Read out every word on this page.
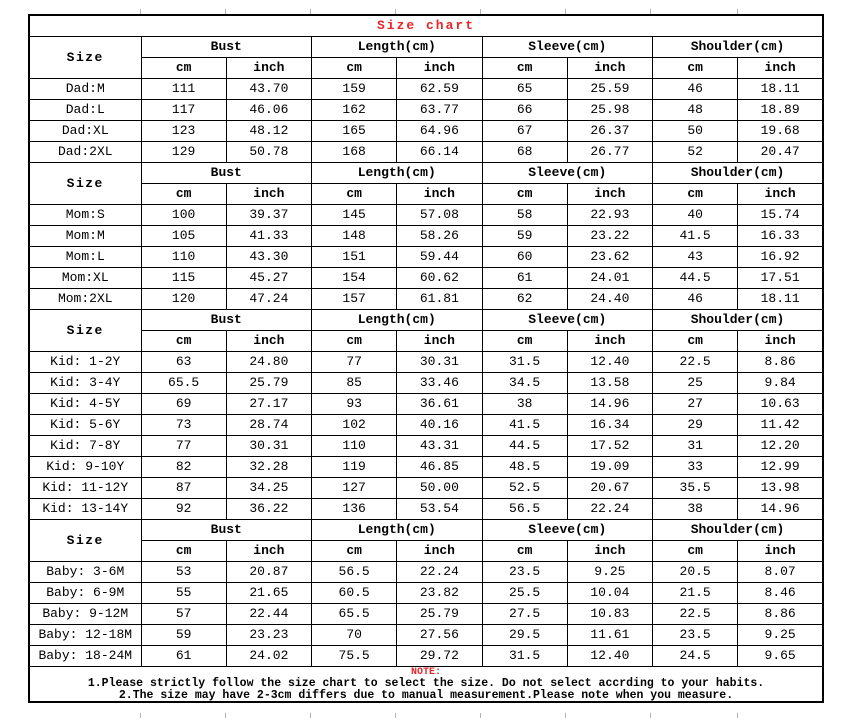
Size chart								
Size	Bust		Length(cm)		Sleeve(cm)		Shoulder(cm)	
	cm	inch	cm	inch	cm	inch	cm	inch
Dad:M	111	43.70	159	62.59	65	25.59	46	18.11
Dad:L	117	46.06	162	63.77	66	25.98	48	18.89
Dad:XL	123	48.12	165	64.96	67	26.37	50	19.68
Dad:2XL	129	50.78	168	66.14	68	26.77	52	20.47
Size	Bust		Length(cm)		Sleeve(cm)		Shoulder(cm)	
	cm	inch	cm	inch	cm	inch	cm	inch
Mom:S	100	39.37	145	57.08	58	22.93	40	15.74
Mom:M	105	41.33	148	58.26	59	23.22	41.5	16.33
Mom:L	110	43.30	151	59.44	60	23.62	43	16.92
Mom:XL	115	45.27	154	60.62	61	24.01	44.5	17.51
Mom:2XL	120	47.24	157	61.81	62	24.40	46	18.11
Size	Bust		Length(cm)		Sleeve(cm)		Shoulder(cm)	
	cm	inch	cm	inch	cm	inch	cm	inch
Kid: 1-2Y	63	24.80	77	30.31	31.5	12.40	22.5	8.86
Kid: 3-4Y	65.5	25.79	85	33.46	34.5	13.58	25	9.84
Kid: 4-5Y	69	27.17	93	36.61	38	14.96	27	10.63
Kid: 5-6Y	73	28.74	102	40.16	41.5	16.34	29	11.42
Kid: 7-8Y	77	30.31	110	43.31	44.5	17.52	31	12.20
Kid: 9-10Y	82	32.28	119	46.85	48.5	19.09	33	12.99
Kid: 11-12Y	87	34.25	127	50.00	52.5	20.67	35.5	13.98
Kid: 13-14Y	92	36.22	136	53.54	56.5	22.24	38	14.96
Size	Bust		Length(cm)		Sleeve(cm)		Shoulder(cm)	
	cm	inch	cm	inch	cm	inch	cm	inch
Baby: 3-6M	53	20.87	56.5	22.24	23.5	9.25	20.5	8.07
Baby: 6-9M	55	21.65	60.5	23.82	25.5	10.04	21.5	8.46
Baby: 9-12M	57	22.44	65.5	25.79	27.5	10.83	22.5	8.86
Baby: 12-18M	59	23.23	70	27.56	29.5	11.61	23.5	9.25
Baby: 18-24M	61	24.02	75.5	29.72	31.5	12.40	24.5	9.65

NOTE:
1.Please strictly follow the size chart to select the size. Do not select accrding to your habits.
2.The size may have 2-3cm differs due to manual measurement.Please note when you measure.								
